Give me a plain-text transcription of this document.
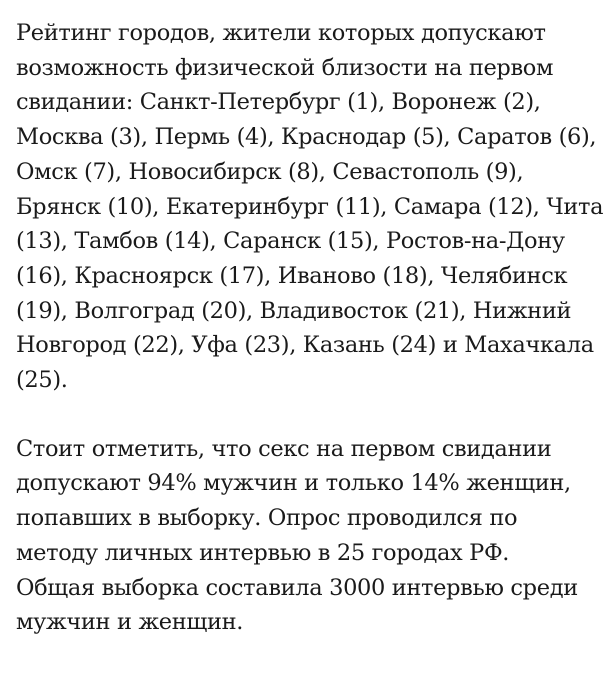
Рейтинг городов, жители которых допускают
возможность физической близости на первом
свидании: Санкт-Петербург (1), Воронеж (2),
Москва (3), Пермь (4), Краснодар (5), Саратов (6),
Омск (7), Новосибирск (8), Севастополь (9),
Брянск (10), Екатеринбург (11), Самара (12), Чита
(13), Тамбов (14), Саранск (15), Ростов-на-Дону
(16), Красноярск (17), Иваново (18), Челябинск
(19), Волгоград (20), Владивосток (21), Нижний
Новгород (22), Уфа (23), Казань (24) и Махачкала
(25).

Стоит отметить, что секс на первом свидании
допускают 94% мужчин и только 14% женщин,
попавших в выборку. Опрос проводился по
методу личных интервью в 25 городах РФ.
Общая выборка составила 3000 интервью среди
мужчин и женщин.
